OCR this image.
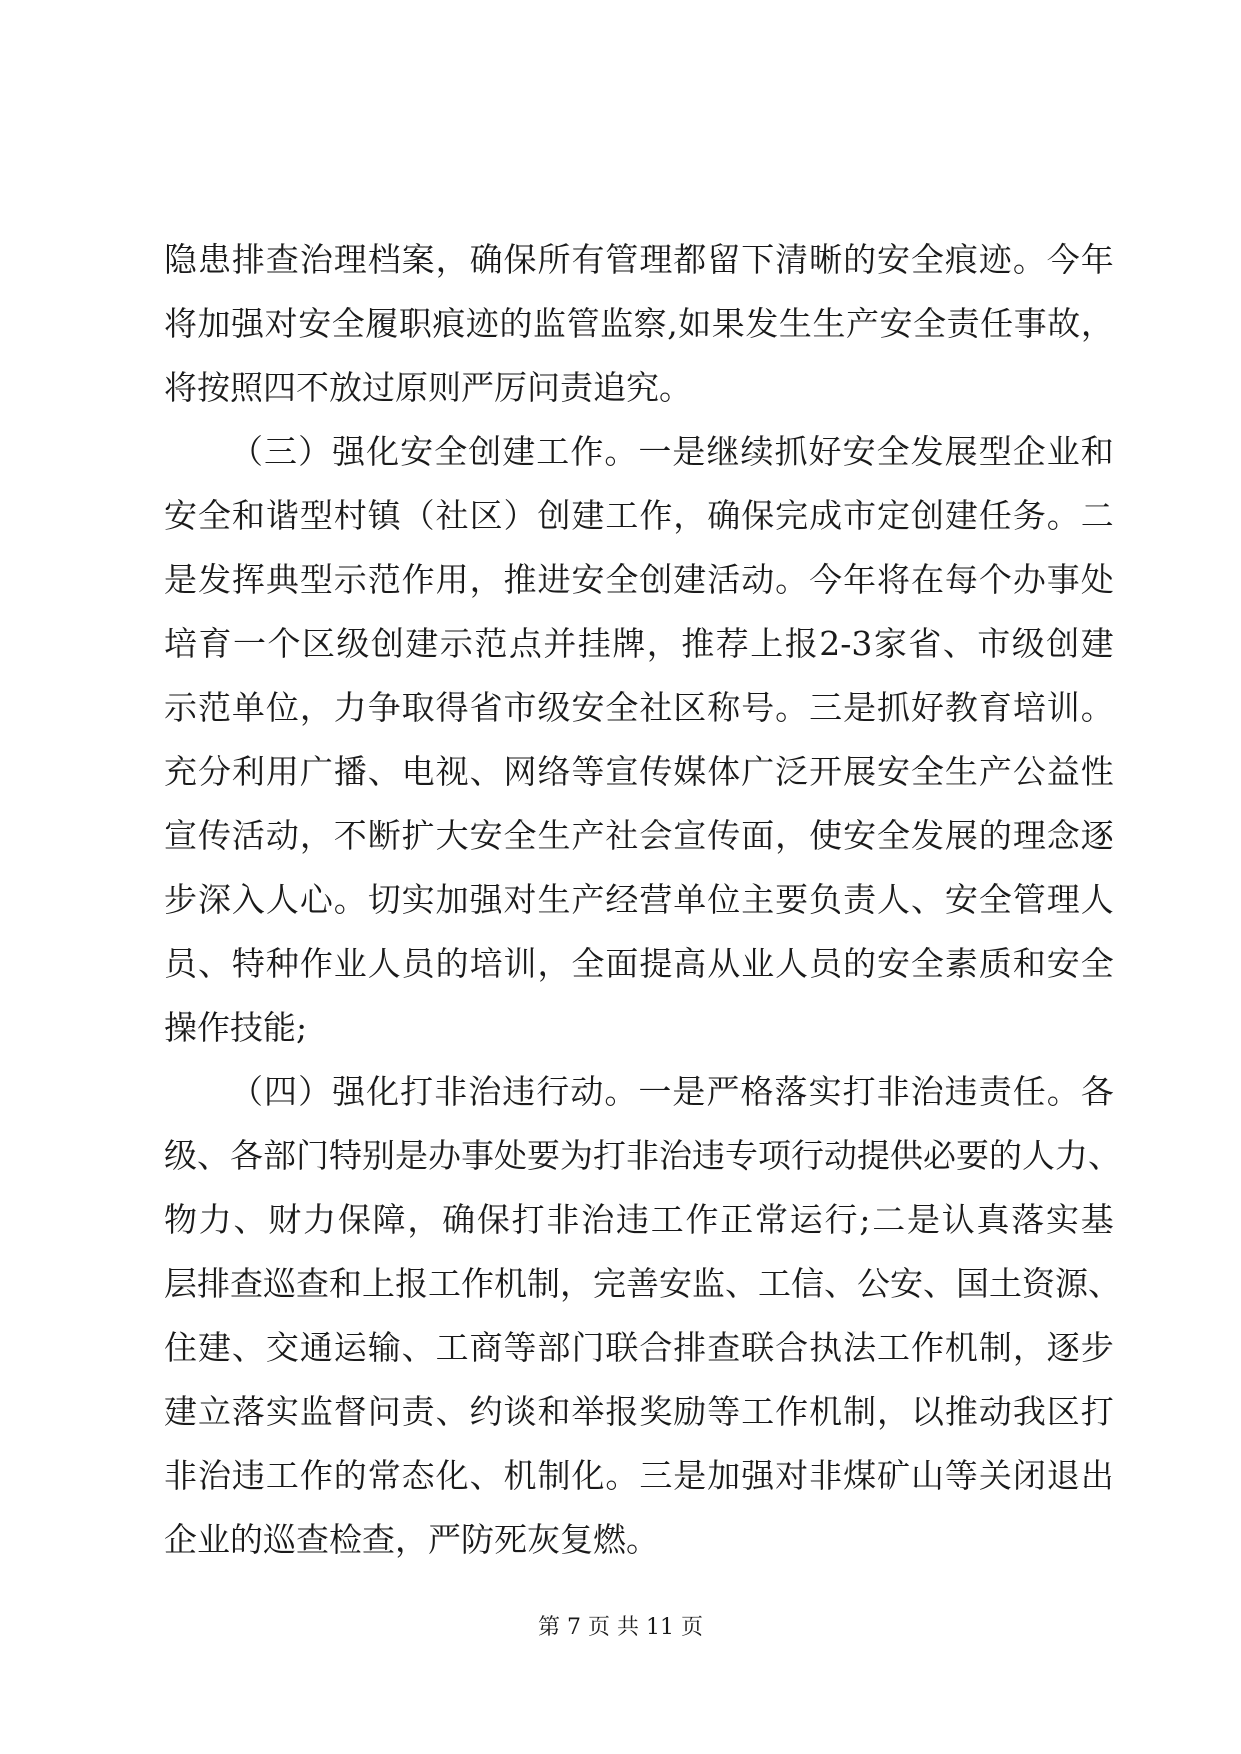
隐 患 排 查 治 理 档 案 ， 确 保 所 有 管 理 都 留 下 清 晰 的 安 全 痕 迹 。 今 年
将 加 强 对 安 全 履 职 痕 迹 的 监 管 监 察 , 如 果 发 生 生 产 安 全 责 任 事 故 ，
将按照四不放过原则严厉问责追究。
（ 三 ） 强 化 安 全 创 建 工 作 。 一 是 继 续 抓 好 安 全 发 展 型 企 业 和
安 全 和 谐 型 村 镇 （ 社 区 ） 创 建 工 作 ， 确 保 完 成 市 定 创 建 任 务 。 二
是 发 挥 典 型 示 范 作 用 ， 推 进 安 全 创 建 活 动 。 今 年 将 在 每 个 办 事 处
培 育 一 个 区 级 创 建 示 范 点 并 挂 牌 ， 推 荐 上 报 2-3 家 省 、 市 级 创 建
示 范 单 位 ， 力 争 取 得 省 市 级 安 全 社 区 称 号 。 三 是 抓 好 教 育 培 训 。
充 分 利 用 广 播 、 电 视 、 网 络 等 宣 传 媒 体 广 泛 开 展 安 全 生 产 公 益 性
宣 传 活 动 ， 不 断 扩 大 安 全 生 产 社 会 宣 传 面 ， 使 安 全 发 展 的 理 念 逐
步 深 入 人 心 。 切 实 加 强 对 生 产 经 营 单 位 主 要 负 责 人 、 安 全 管 理 人
员 、 特 种 作 业 人 员 的 培 训 ， 全 面 提 高 从 业 人 员 的 安 全 素 质 和 安 全
操作技能;
（ 四 ） 强 化 打 非 治 违 行 动 。 一 是 严 格 落 实 打 非 治 违 责 任 。 各
级 、 各 部 门 特 别 是 办 事 处 要 为 打 非 治 违 专 项 行 动 提 供 必 要 的 人 力 、
物 力 、 财 力 保 障 ， 确 保 打 非 治 违 工 作 正 常 运 行 ; 二 是 认 真 落 实 基
层 排 查 巡 查 和 上 报 工 作 机 制 ， 完 善 安 监 、 工 信 、 公 安 、 国 土 资 源 、
住 建 、 交 通 运 输 、 工 商 等 部 门 联 合 排 查 联 合 执 法 工 作 机 制 ， 逐 步
建 立 落 实 监 督 问 责 、 约 谈 和 举 报 奖 励 等 工 作 机 制 ， 以 推 动 我 区 打
非 治 违 工 作 的 常 态 化 、 机 制 化 。 三 是 加 强 对 非 煤 矿 山 等 关 闭 退 出
企业的巡查检查，严防死灰复燃。
第 7 页 共 11 页
